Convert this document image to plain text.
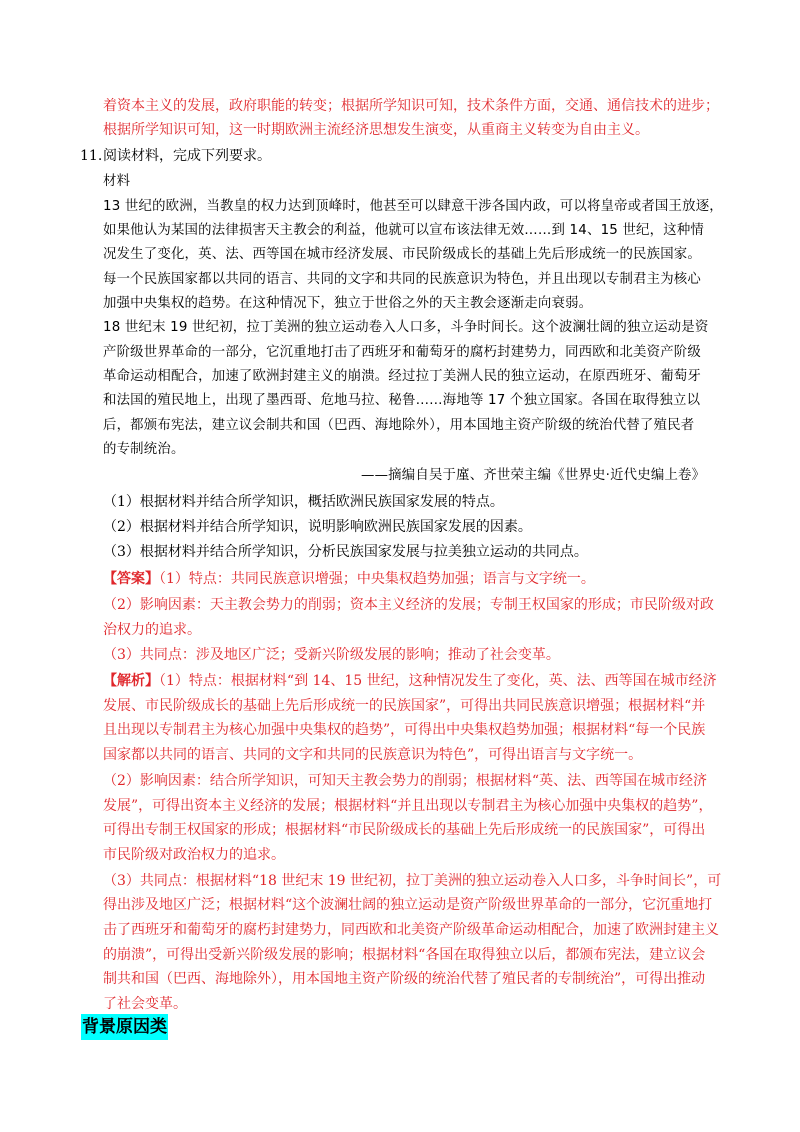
着资本主义的发展，政府职能的转变；根据所学知识可知，技术条件方面，交通、通信技术的进步；
根据所学知识可知，这一时期欧洲主流经济思想发生演变，从重商主义转变为自由主义。
11. 阅读材料，完成下列要求。
材料
13 世纪的欧洲，当教皇的权力达到顶峰时，他甚至可以肆意干涉各国内政，可以将皇帝或者国王放逐，
如果他认为某国的法律损害天主教会的利益，他就可以宣布该法律无效……到 14、15 世纪，这种情
况发生了变化，英、法、西等国在城市经济发展、市民阶级成长的基础上先后形成统一的民族国家。
每一个民族国家都以共同的语言、共同的文字和共同的民族意识为特色，并且出现以专制君主为核心
加强中央集权的趋势。在这种情况下，独立于世俗之外的天主教会逐渐走向衰弱。
18 世纪末 19 世纪初，拉丁美洲的独立运动卷入人口多，斗争时间长。这个波澜壮阔的独立运动是资
产阶级世界革命的一部分，它沉重地打击了西班牙和葡萄牙的腐朽封建势力，同西欧和北美资产阶级
革命运动相配合，加速了欧洲封建主义的崩溃。经过拉丁美洲人民的独立运动，在原西班牙、葡萄牙
和法国的殖民地上，出现了墨西哥、危地马拉、秘鲁……海地等 17 个独立国家。各国在取得独立以
后，都颁布宪法，建立议会制共和国（巴西、海地除外），用本国地主资产阶级的统治代替了殖民者
的专制统治。
——摘编自吴于廑、齐世荣主编《世界史·近代史编上卷》
（1）根据材料并结合所学知识，概括欧洲民族国家发展的特点。
（2）根据材料并结合所学知识，说明影响欧洲民族国家发展的因素。
（3）根据材料并结合所学知识，分析民族国家发展与拉美独立运动的共同点。
【答案】（1）特点：共同民族意识增强；中央集权趋势加强；语言与文字统一。
（2）影响因素：天主教会势力的削弱；资本主义经济的发展；专制王权国家的形成；市民阶级对政
治权力的追求。
（3）共同点：涉及地区广泛；受新兴阶级发展的影响；推动了社会变革。
【解析】（1）特点：根据材料“到 14、15 世纪，这种情况发生了变化，英、法、西等国在城市经济
发展、市民阶级成长的基础上先后形成统一的民族国家”，可得出共同民族意识增强；根据材料“并
且出现以专制君主为核心加强中央集权的趋势”，可得出中央集权趋势加强；根据材料“每一个民族
国家都以共同的语言、共同的文字和共同的民族意识为特色”，可得出语言与文字统一。
（2）影响因素：结合所学知识，可知天主教会势力的削弱；根据材料“英、法、西等国在城市经济
发展”，可得出资本主义经济的发展；根据材料“并且出现以专制君主为核心加强中央集权的趋势”，
可得出专制王权国家的形成；根据材料“市民阶级成长的基础上先后形成统一的民族国家”，可得出
市民阶级对政治权力的追求。
（3）共同点：根据材料“18 世纪末 19 世纪初，拉丁美洲的独立运动卷入人口多，斗争时间长”，可
得出涉及地区广泛；根据材料“这个波澜壮阔的独立运动是资产阶级世界革命的一部分，它沉重地打
击了西班牙和葡萄牙的腐朽封建势力，同西欧和北美资产阶级革命运动相配合，加速了欧洲封建主义
的崩溃”，可得出受新兴阶级发展的影响；根据材料“各国在取得独立以后，都颁布宪法，建立议会
制共和国（巴西、海地除外），用本国地主资产阶级的统治代替了殖民者的专制统治”，可得出推动
了社会变革。
背景原因类
